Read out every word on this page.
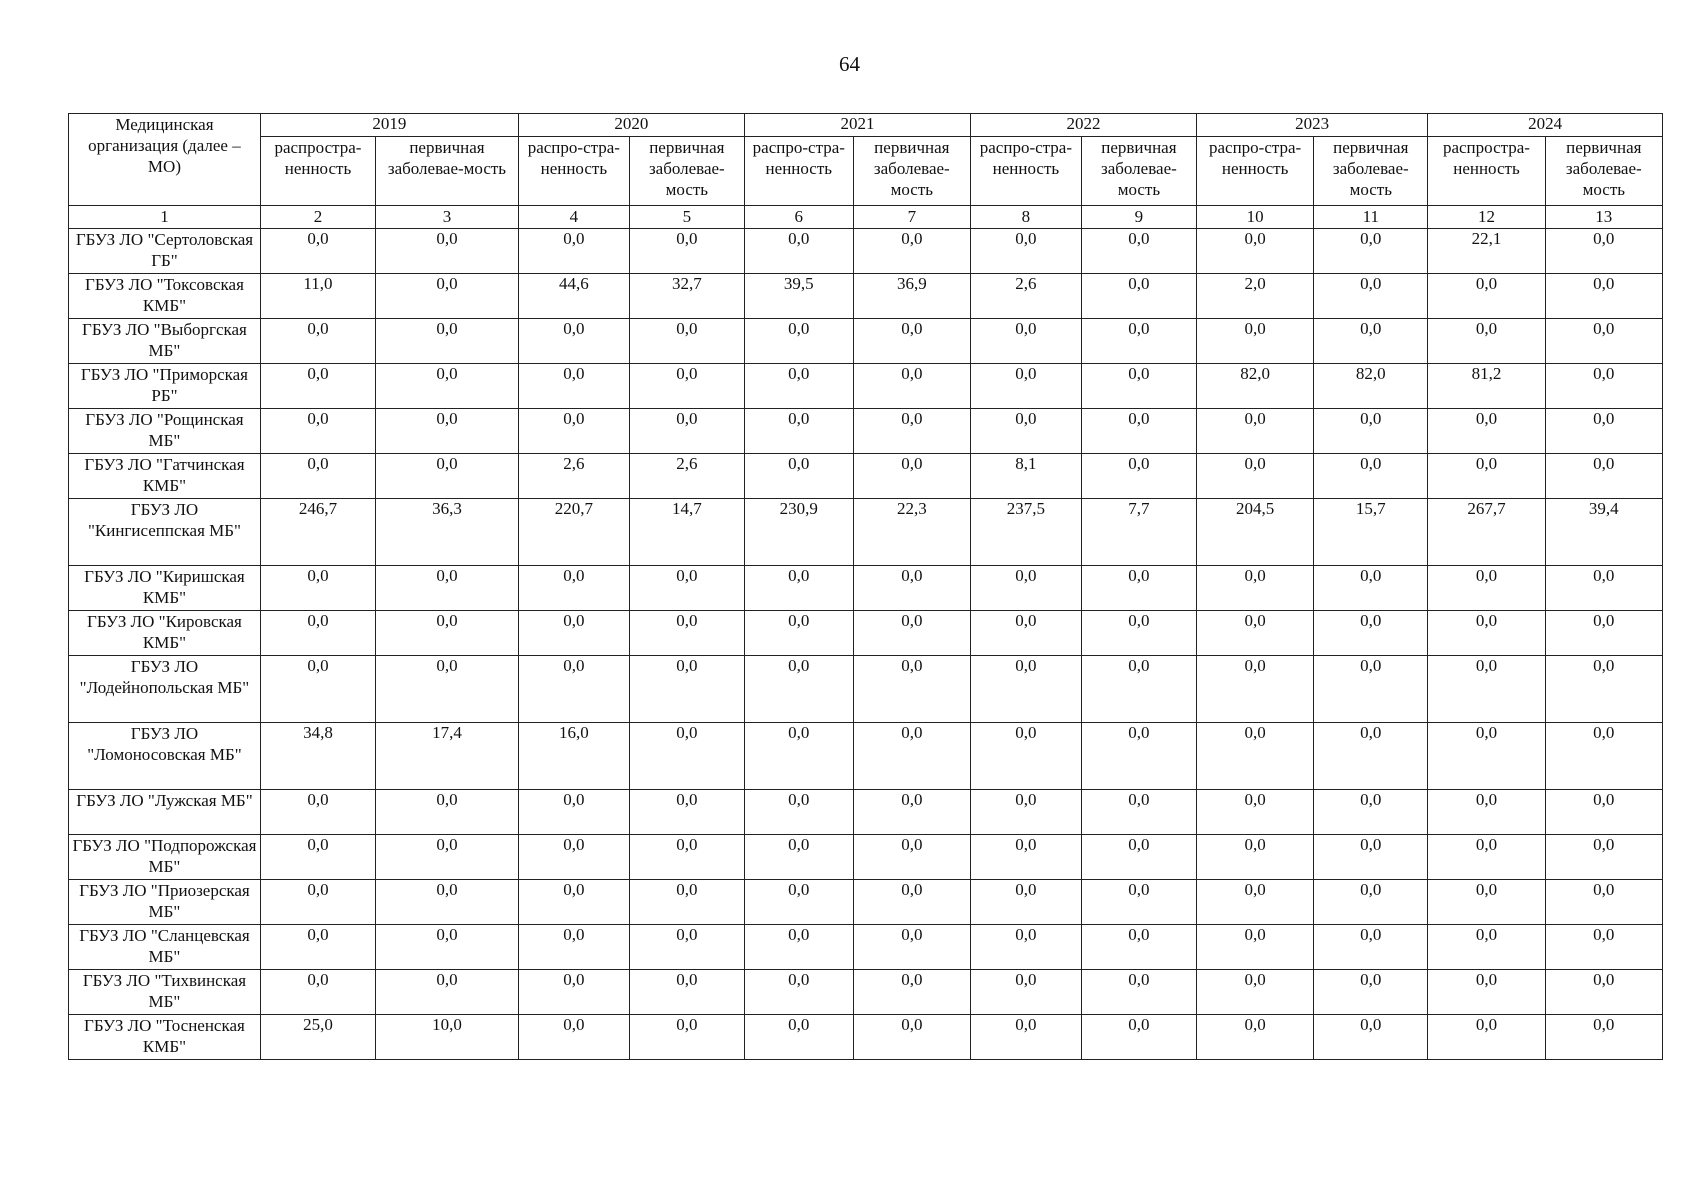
64
Медицинская организация (далее – МО)	2019		2020		2021		2022		2023		2024	
	распростра-ненность	первичная заболевае-мость	распро-стра-ненность	первичная заболевае-мость	распро-стра-ненность	первичная заболевае-мость	распро-стра-ненность	первичная заболевае-мость	распро-стра-ненность	первичная заболевае-мость	распростра-ненность	первичная заболевае-мость
1	2	3	4	5	6	7	8	9	10	11	12	13
ГБУЗ ЛО "Сертоловская ГБ"	0,0	0,0	0,0	0,0	0,0	0,0	0,0	0,0	0,0	0,0	22,1	0,0
ГБУЗ ЛО "Токсовская КМБ"	11,0	0,0	44,6	32,7	39,5	36,9	2,6	0,0	2,0	0,0	0,0	0,0
ГБУЗ ЛО "Выборгская МБ"	0,0	0,0	0,0	0,0	0,0	0,0	0,0	0,0	0,0	0,0	0,0	0,0
ГБУЗ ЛО "Приморская РБ"	0,0	0,0	0,0	0,0	0,0	0,0	0,0	0,0	82,0	82,0	81,2	0,0
ГБУЗ ЛО "Рощинская МБ"	0,0	0,0	0,0	0,0	0,0	0,0	0,0	0,0	0,0	0,0	0,0	0,0
ГБУЗ ЛО "Гатчинская КМБ"	0,0	0,0	2,6	2,6	0,0	0,0	8,1	0,0	0,0	0,0	0,0	0,0
ГБУЗ ЛО "Кингисеппская МБ"	246,7	36,3	220,7	14,7	230,9	22,3	237,5	7,7	204,5	15,7	267,7	39,4
ГБУЗ ЛО "Киришская КМБ"	0,0	0,0	0,0	0,0	0,0	0,0	0,0	0,0	0,0	0,0	0,0	0,0
ГБУЗ ЛО "Кировская КМБ"	0,0	0,0	0,0	0,0	0,0	0,0	0,0	0,0	0,0	0,0	0,0	0,0
ГБУЗ ЛО "Лодейнопольская МБ"	0,0	0,0	0,0	0,0	0,0	0,0	0,0	0,0	0,0	0,0	0,0	0,0
ГБУЗ ЛО "Ломоносовская МБ"	34,8	17,4	16,0	0,0	0,0	0,0	0,0	0,0	0,0	0,0	0,0	0,0
ГБУЗ ЛО "Лужская МБ"	0,0	0,0	0,0	0,0	0,0	0,0	0,0	0,0	0,0	0,0	0,0	0,0
ГБУЗ ЛО "Подпорожская МБ"	0,0	0,0	0,0	0,0	0,0	0,0	0,0	0,0	0,0	0,0	0,0	0,0
ГБУЗ ЛО "Приозерская МБ"	0,0	0,0	0,0	0,0	0,0	0,0	0,0	0,0	0,0	0,0	0,0	0,0
ГБУЗ ЛО "Сланцевская МБ"	0,0	0,0	0,0	0,0	0,0	0,0	0,0	0,0	0,0	0,0	0,0	0,0
ГБУЗ ЛО "Тихвинская МБ"	0,0	0,0	0,0	0,0	0,0	0,0	0,0	0,0	0,0	0,0	0,0	0,0
ГБУЗ ЛО "Тосненская КМБ"	25,0	10,0	0,0	0,0	0,0	0,0	0,0	0,0	0,0	0,0	0,0	0,0
